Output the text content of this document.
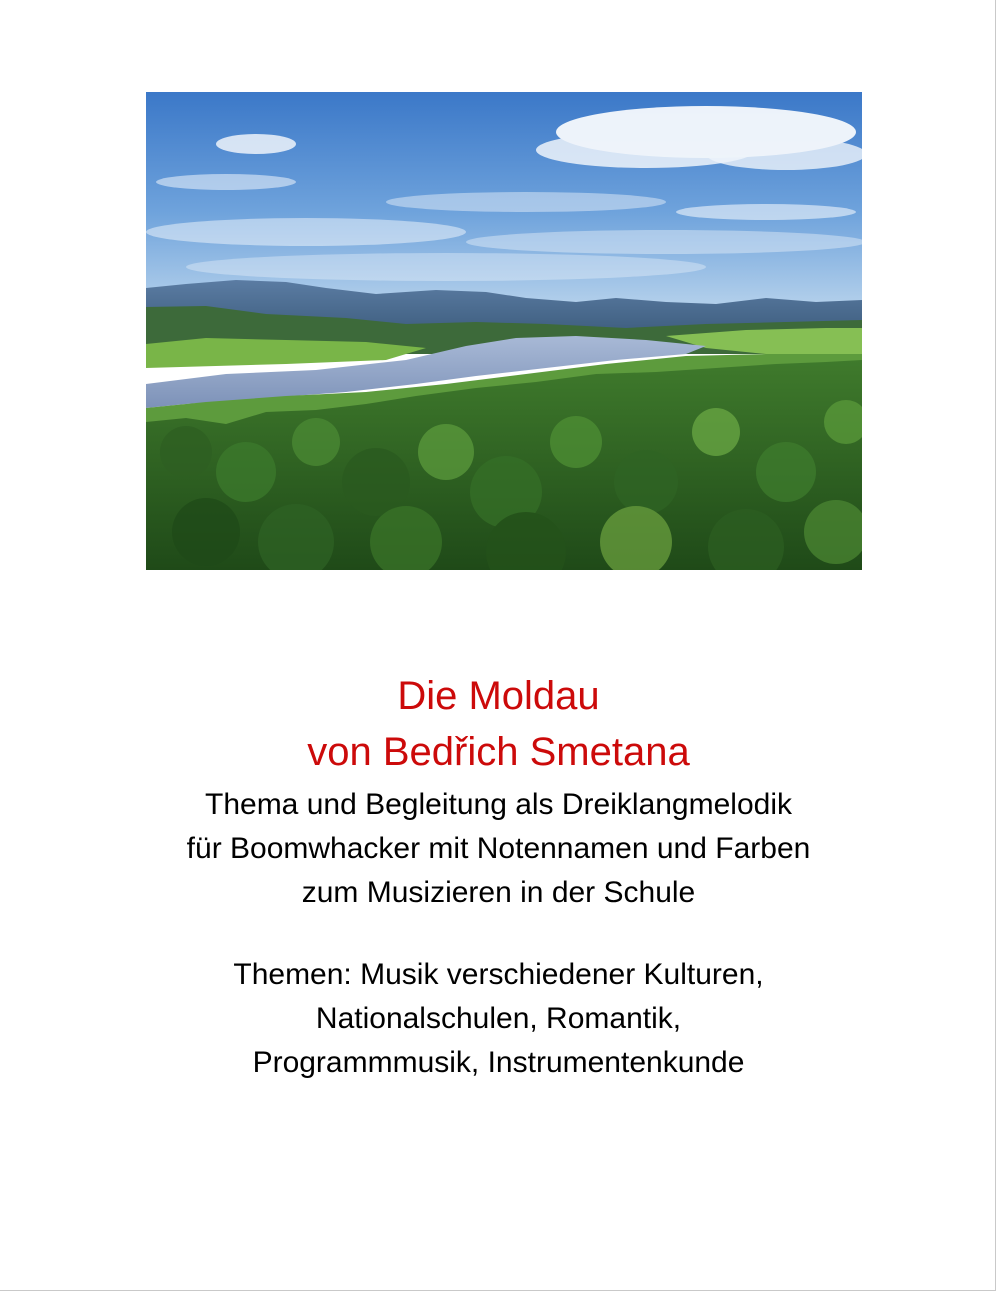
Die Moldau
von Bedřich Smetana
Thema und Begleitung als Dreiklangmelodik
für Boomwhacker mit Notennamen und Farben
zum Musizieren in der Schule
Themen: Musik verschiedener Kulturen,
Nationalschulen, Romantik,
Programmmusik, Instrumentenkunde
